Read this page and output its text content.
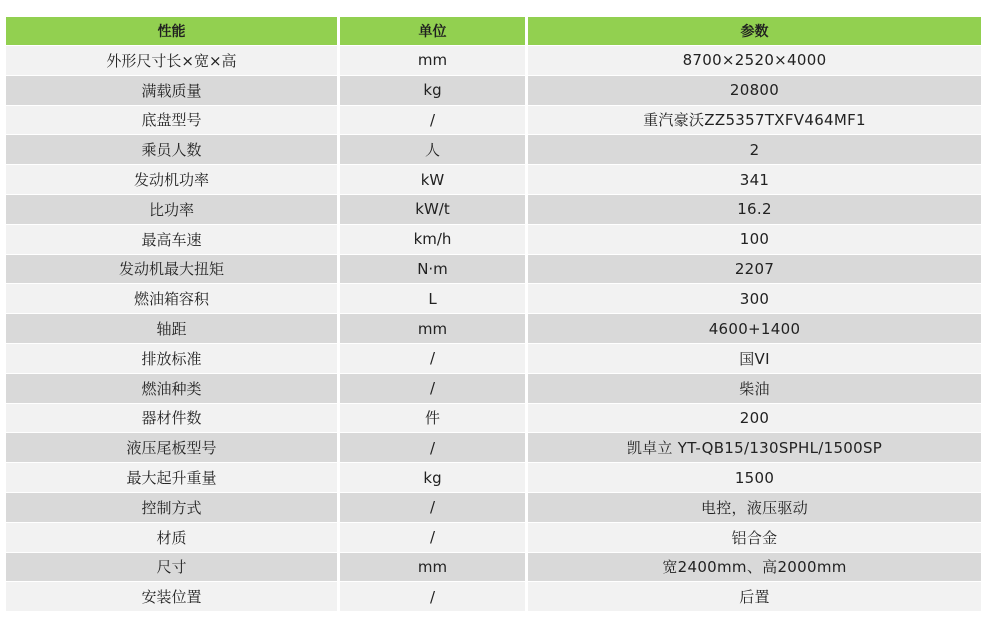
性能	单位	参数
外形尺寸长×宽×高	mm	8700×2520×4000
满载质量	kg	20800
底盘型号	/	重汽豪沃ZZ5357TXFV464MF1
乘员人数	人	2
发动机功率	kW	341
比功率	kW/t	16.2
最高车速	km/h	100
发动机最大扭矩	N·m	2207
燃油箱容积	L	300
轴距	mm	4600+1400
排放标准	/	国VI
燃油种类	/	柴油
器材件数	件	200
液压尾板型号	/	凯卓立 YT-QB15/130SPHL/1500SP
最大起升重量	kg	1500
控制方式	/	电控，液压驱动
材质	/	铝合金
尺寸	mm	宽2400mm、高2000mm
安装位置	/	后置
